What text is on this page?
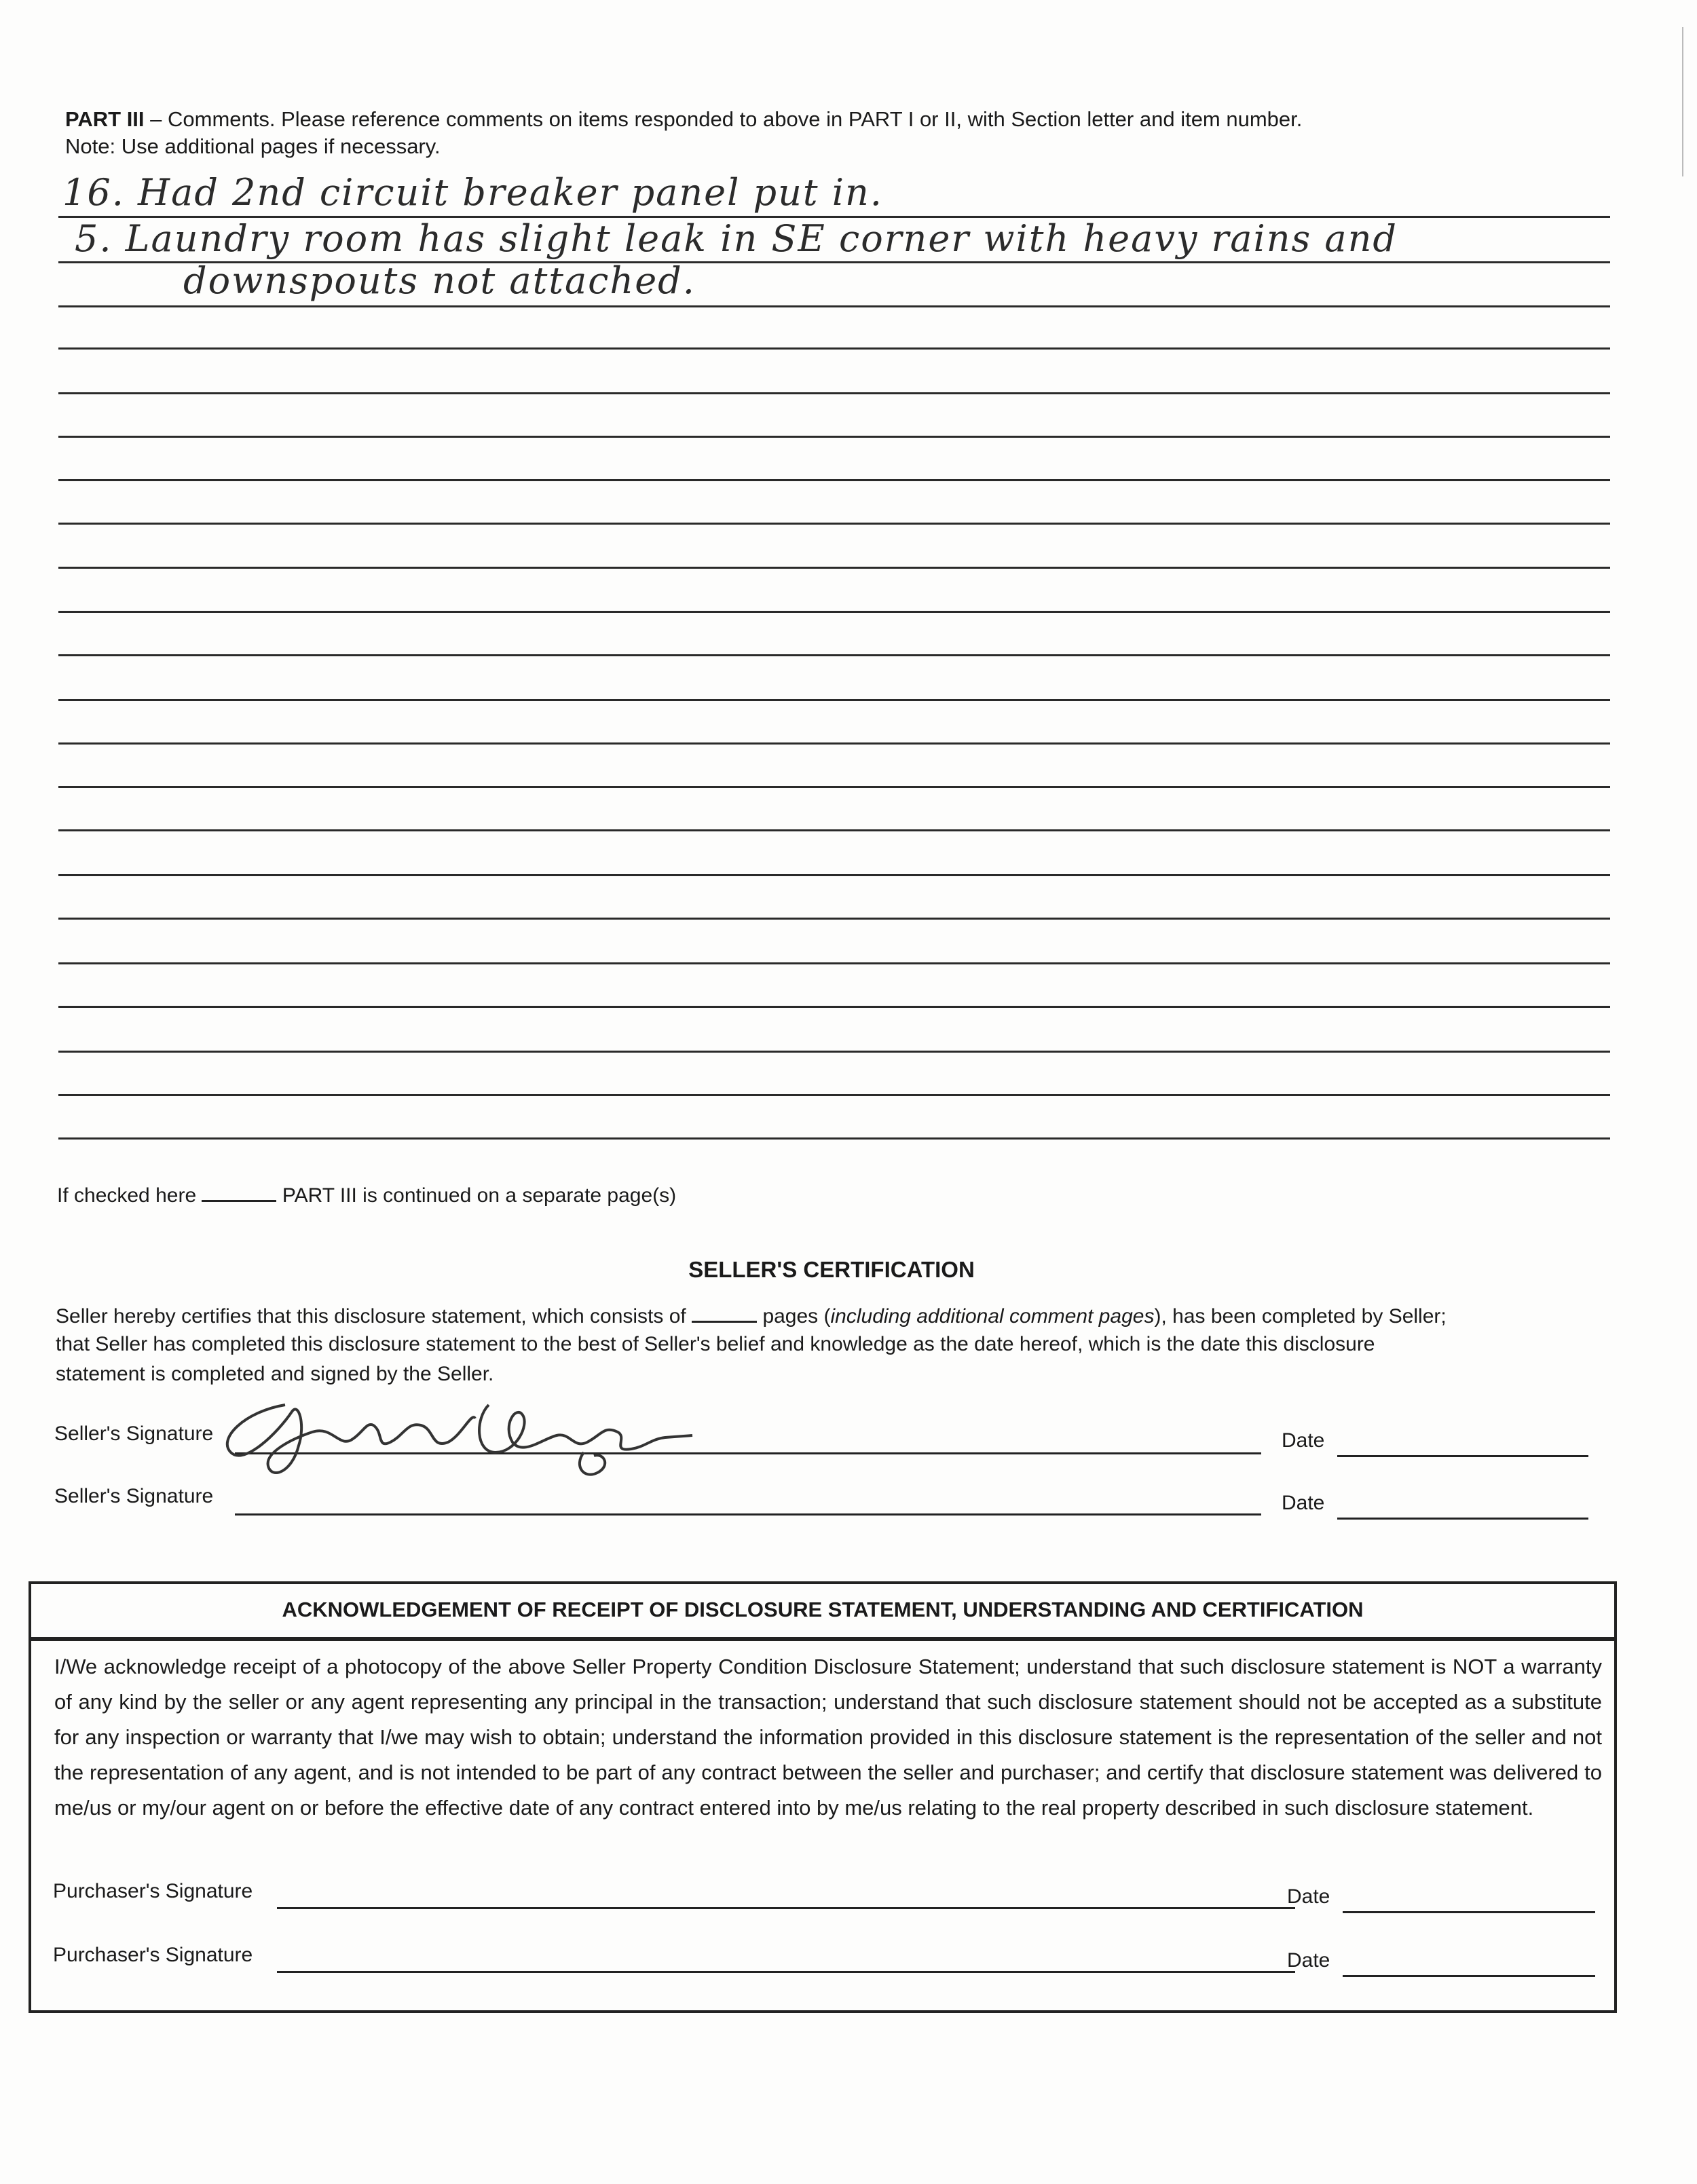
PART III – Comments. Please reference comments on items responded to above in PART I or II, with Section letter and item number.
Note: Use additional pages if necessary.
16. Had 2nd circuit breaker panel put in.
5. Laundry room has slight leak in SE corner with heavy rains and
downspouts not attached.
If checked here	PART III is continued on a separate page(s)
SELLER'S CERTIFICATION
Seller hereby certifies that this disclosure statement, which consists of	pages (including additional comment pages), has been completed by Seller;
that Seller has completed this disclosure statement to the best of Seller's belief and knowledge as the date hereof, which is the date this disclosure
statement is completed and signed by the Seller.
Seller's Signature	Date
Seller's Signature	Date
ACKNOWLEDGEMENT OF RECEIPT OF DISCLOSURE STATEMENT, UNDERSTANDING AND CERTIFICATION

I/We acknowledge receipt of a photocopy of the above Seller Property Condition Disclosure Statement; understand that such disclosure statement is NOT a warranty of any kind by the seller or any agent representing any principal in the transaction; understand that such disclosure statement should not be accepted as a substitute for any inspection or warranty that I/we may wish to obtain; understand the information provided in this disclosure statement is the representation of the seller and not the representation of any agent, and is not intended to be part of any contract between the seller and purchaser; and certify that disclosure statement was delivered to me/us or my/our agent on or before the effective date of any contract entered into by me/us relating to the real property described in such disclosure statement.

Purchaser's Signature	Date
Purchaser's Signature	Date
